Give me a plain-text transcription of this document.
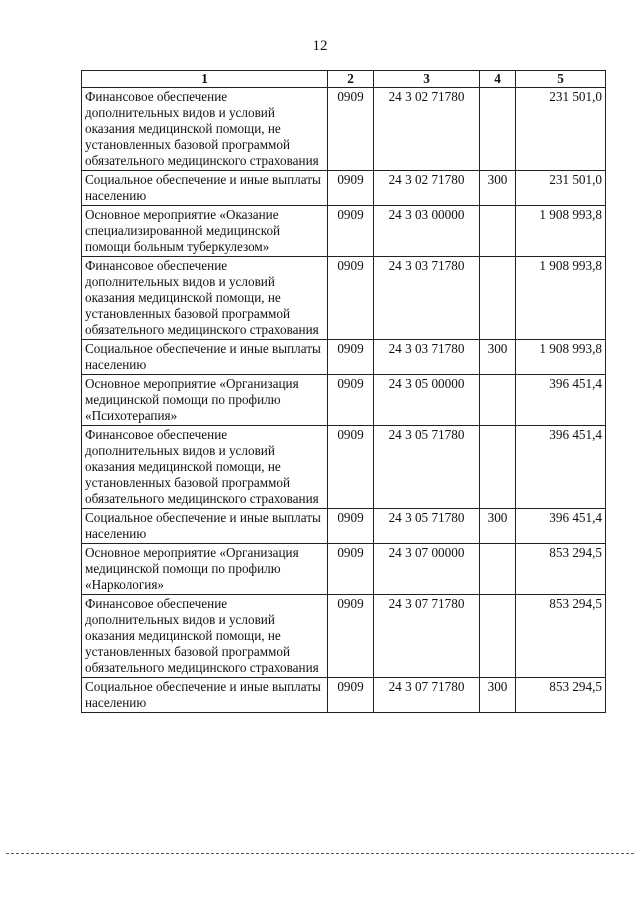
12
1	2	3	4	5
Финансовое обеспечение дополнительных видов и условий оказания медицинской помощи, не установленных базовой программой обязательного медицинского страхования	0909	24 3 02 71780		231 501,0
Социальное обеспечение и иные выплаты населению	0909	24 3 02 71780	300	231 501,0
Основное мероприятие «Оказание специализированной медицинской помощи больным туберкулезом»	0909	24 3 03 00000		1 908 993,8
Финансовое обеспечение дополнительных видов и условий оказания медицинской помощи, не установленных базовой программой обязательного медицинского страхования	0909	24 3 03 71780		1 908 993,8
Социальное обеспечение и иные выплаты населению	0909	24 3 03 71780	300	1 908 993,8
Основное мероприятие «Организация медицинской помощи по профилю «Психотерапия»	0909	24 3 05 00000		396 451,4
Финансовое обеспечение дополнительных видов и условий оказания медицинской помощи, не установленных базовой программой обязательного медицинского страхования	0909	24 3 05 71780		396 451,4
Социальное обеспечение и иные выплаты населению	0909	24 3 05 71780	300	396 451,4
Основное мероприятие «Организация медицинской помощи по профилю «Наркология»	0909	24 3 07 00000		853 294,5
Финансовое обеспечение дополнительных видов и условий оказания медицинской помощи, не установленных базовой программой обязательного медицинского страхования	0909	24 3 07 71780		853 294,5
Социальное обеспечение и иные выплаты населению	0909	24 3 07 71780	300	853 294,5
